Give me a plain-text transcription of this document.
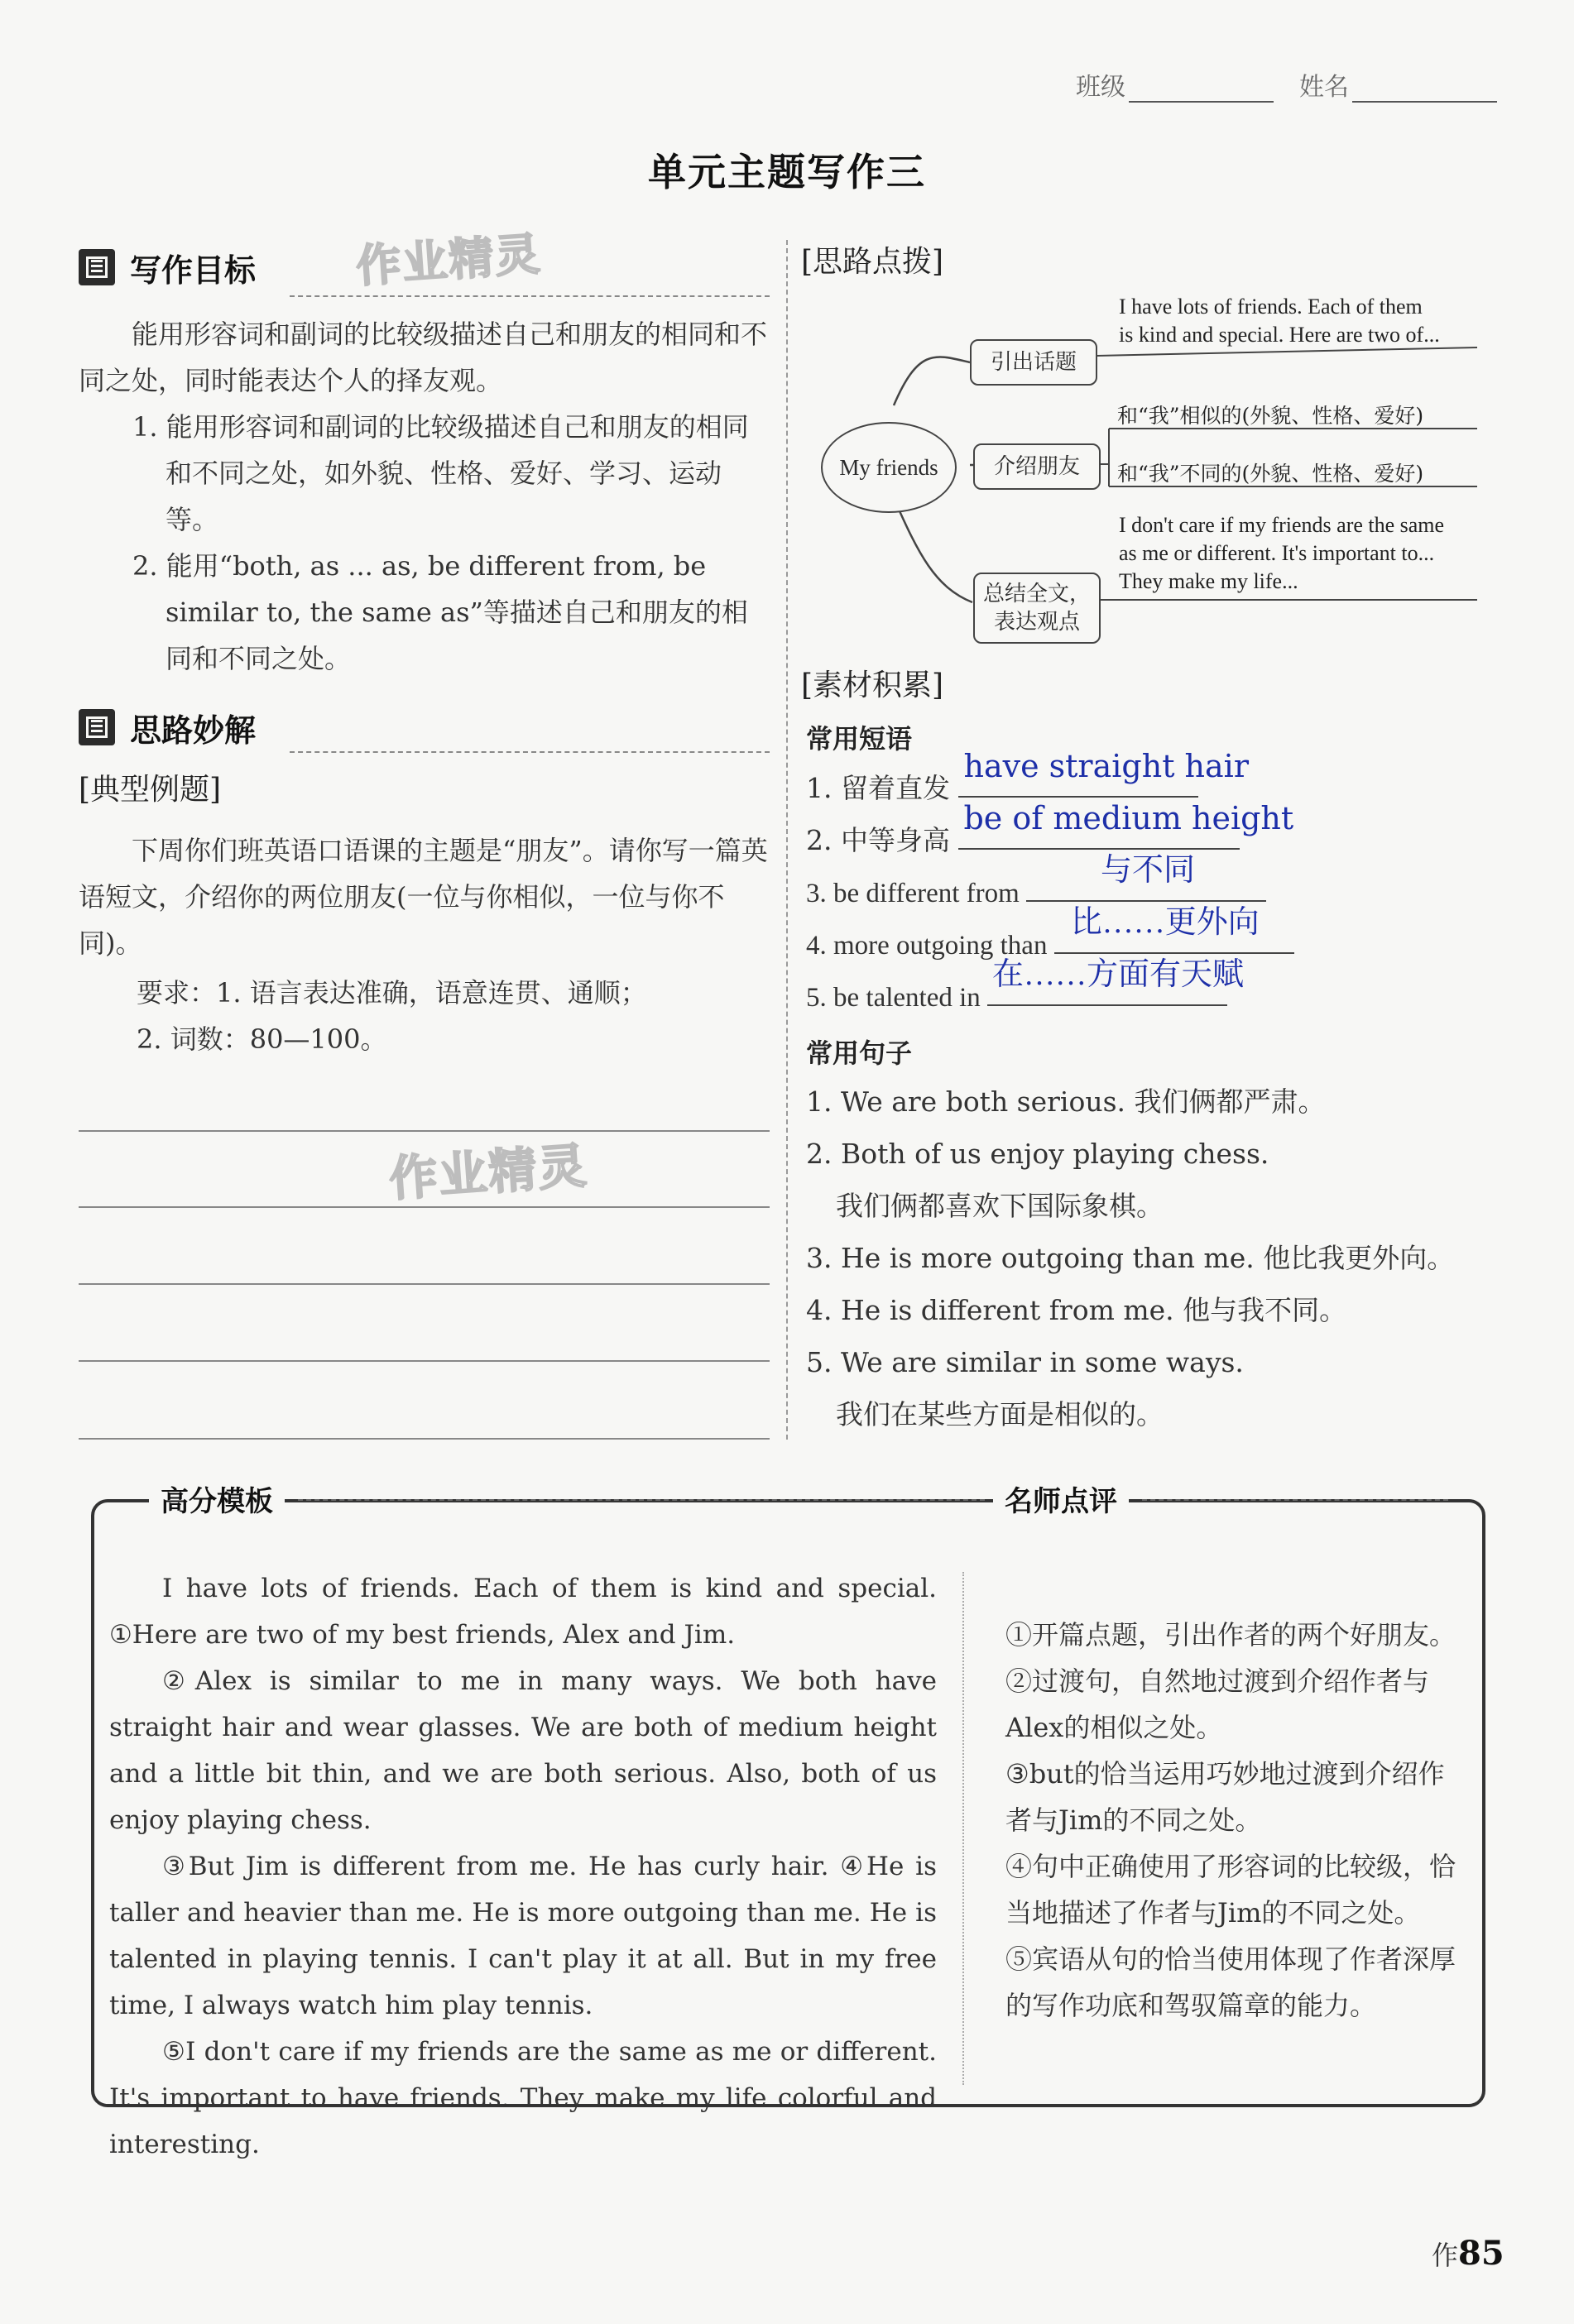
班级	姓名
单元主题写作三
写作目标 作业精灵
能用形容词和副词的比较级描述自己和朋友的相同和不同之处，同时能表达个人的择友观。
1. 能用形容词和副词的比较级描述自己和朋友的相同和不同之处，如外貌、性格、爱好、学习、运动等。
2. 能用“both, as ... as, be different from, be similar to, the same as”等描述自己和朋友的相同和不同之处。
思路妙解
[典型例题]
下周你们班英语口语课的主题是“朋友”。请你写一篇英语短文，介绍你的两位朋友(一位与你相似，一位与你不同)。
要求：1. 语言表达准确，语意连贯、通顺；
2. 词数：80—100。
作业精灵
[思路点拨]
My friends
引出话题
介绍朋友
总结全文，
表达观点
I have lots of friends. Each of them
is kind and special. Here are two of...
和“我”相似的(外貌、性格、爱好)
和“我”不同的(外貌、性格、爱好)
I don't care if my friends are the same
as me or different. It's important to...
They make my life...
[素材积累]
常用短语
1. 留着直发
have straight hair
2. 中等身高
be of medium height
3. be different from
与不同
4. more outgoing than
比……更外向
5. be talented in
在……方面有天赋
常用句子
1. We are both serious. 我们俩都严肃。
2. Both of us enjoy playing chess.
我们俩都喜欢下国际象棋。
3. He is more outgoing than me. 他比我更外向。
4. He is different from me. 他与我不同。
5. We are similar in some ways.
我们在某些方面是相似的。
高分模板	名师点评

I have lots of friends. Each of them is kind and special. ①Here are two of my best friends, Alex and Jim.

②Alex is similar to me in many ways. We both have straight hair and wear glasses. We are both of medium height and a little bit thin, and we are both serious. Also, both of us enjoy playing chess.

③But Jim is different from me. He has curly hair. ④He is taller and heavier than me. He is more outgoing than me. He is talented in playing tennis. I can't play it at all. But in my free time, I always watch him play tennis.

⑤I don't care if my friends are the same as me or different. It's important to have friends. They make my life colorful and interesting.

①开篇点题，引出作者的两个好朋友。

②过渡句，自然地过渡到介绍作者与Alex的相似之处。

③but的恰当运用巧妙地过渡到介绍作者与Jim的不同之处。

④句中正确使用了形容词的比较级，恰当地描述了作者与Jim的不同之处。

⑤宾语从句的恰当使用体现了作者深厚的写作功底和驾驭篇章的能力。

作85
